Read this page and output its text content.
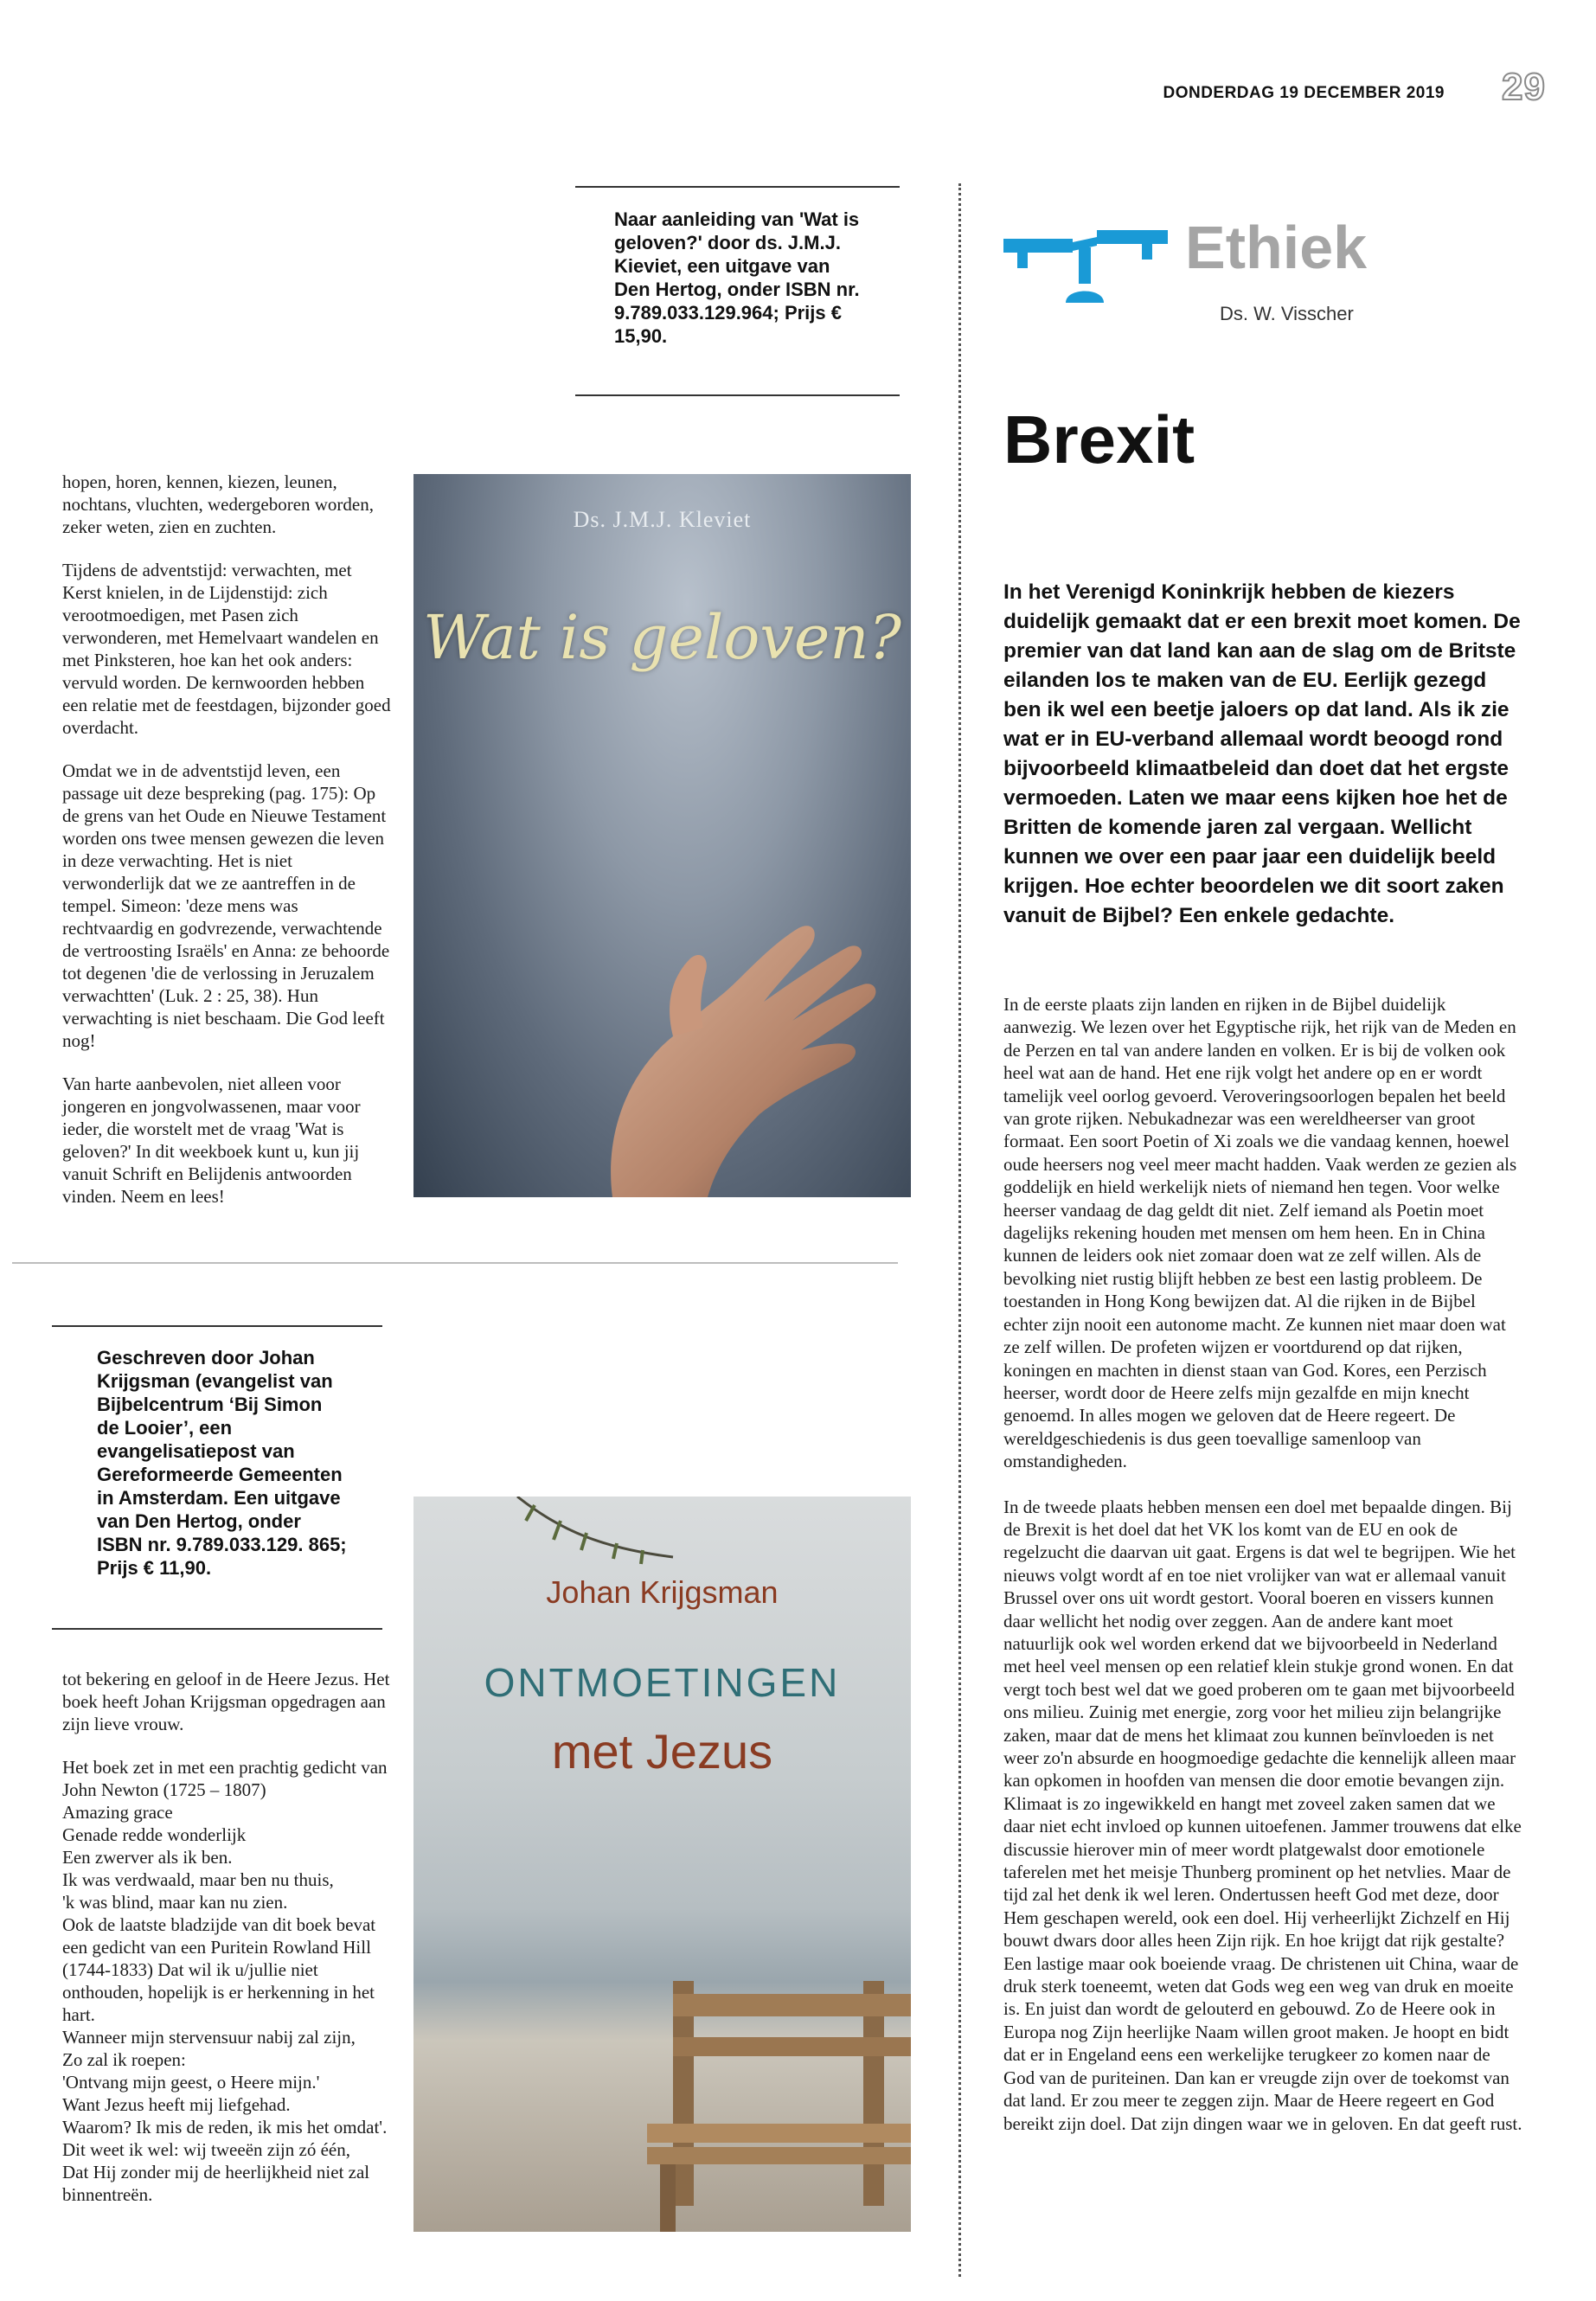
DONDERDAG 19 DECEMBER 2019 29
Naar aanleiding van 'Wat is geloven?' door ds. J.M.J. Kieviet, een uitgave van Den Hertog, onder ISBN nr. 9.789.033.129.964; Prijs € 15,90.

hopen, horen, kennen, kiezen, leunen, nochtans, vluchten, wedergeboren worden, zeker weten, zien en zuchten.

Tijdens de adventstijd: verwachten, met Kerst knielen, in de Lijdenstijd: zich verootmoedigen, met Pasen zich verwonderen, met Hemelvaart wandelen en met Pinksteren, hoe kan het ook anders: vervuld worden. De kernwoorden hebben een relatie met de feestdagen, bijzonder goed overdacht.

Omdat we in de adventstijd leven, een passage uit deze bespreking (pag. 175): Op de grens van het Oude en Nieuwe Testament worden ons twee mensen gewezen die leven in deze verwachting. Het is niet verwonderlijk dat we ze aantreffen in de tempel. Simeon: 'deze mens was rechtvaardig en godvrezende, verwachtende de vertroosting Israëls' en Anna: ze behoorde tot degenen 'die de verlossing in Jeruzalem verwachtten' (Luk. 2 : 25, 38). Hun verwachting is niet beschaam. Die God leeft nog!

Van harte aanbevolen, niet alleen voor jongeren en jongvolwassenen, maar voor ieder, die worstelt met de vraag 'Wat is geloven?' In dit weekboek kunt u, kun jij vanuit Schrift en Belijdenis antwoorden vinden. Neem en lees!

Ds. J.M.J. Kleviet
Wat is geloven?
Geschreven door Johan Krijgsman (evangelist van Bijbelcentrum ‘Bij Simon de Looier’, een evangelisatiepost van Gereformeerde Gemeenten in Amsterdam. Een uitgave van Den Hertog, onder ISBN nr. 9.789.033.129. 865; Prijs € 11,90.

tot bekering en geloof in de Heere Jezus. Het boek heeft Johan Krijgsman opgedragen aan zijn lieve vrouw.

Het boek zet in met een prachtig gedicht van John Newton (1725 – 1807)
Amazing grace
Genade redde wonderlijk
Een zwerver als ik ben.
Ik was verdwaald, maar ben nu thuis,
'k was blind, maar kan nu zien.
Ook de laatste bladzijde van dit boek bevat een gedicht van een Puritein Rowland Hill (1744-1833) Dat wil ik u/jullie niet onthouden, hopelijk is er herkenning in het hart.
Wanneer mijn stervensuur nabij zal zijn,
Zo zal ik roepen:
'Ontvang mijn geest, o Heere mijn.'
Want Jezus heeft mij liefgehad.
Waarom? Ik mis de reden, ik mis het omdat'.
Dit weet ik wel: wij tweeën zijn zó één,
Dat Hij zonder mij de heerlijkheid niet zal binnentreën.

Johan Krijgsman
ONTMOETINGEN
met Jezus
Ethiek
Ds. W. Visscher
Brexit
In het Verenigd Koninkrijk hebben de kiezers duidelijk gemaakt dat er een brexit moet komen. De premier van dat land kan aan de slag om de Britste eilanden los te maken van de EU. Eerlijk gezegd ben ik wel een beetje jaloers op dat land. Als ik zie wat er in EU-verband allemaal wordt beoogd rond bijvoorbeeld klimaatbeleid dan doet dat het ergste vermoeden. Laten we maar eens kijken hoe het de Britten de komende jaren zal vergaan. Wellicht kunnen we over een paar jaar een duidelijk beeld krijgen. Hoe echter beoordelen we dit soort zaken vanuit de Bijbel? Een enkele gedachte.

In de eerste plaats zijn landen en rijken in de Bijbel duidelijk aanwezig. We lezen over het Egyptische rijk, het rijk van de Meden en de Perzen en tal van andere landen en volken. Er is bij de volken ook heel wat aan de hand. Het ene rijk volgt het andere op en er wordt tamelijk veel oorlog gevoerd. Veroveringsoorlogen bepalen het beeld van grote rijken. Nebukadnezar was een wereldheerser van groot formaat. Een soort Poetin of Xi zoals we die vandaag kennen, hoewel oude heersers nog veel meer macht hadden. Vaak werden ze gezien als goddelijk en hield werkelijk niets of niemand hen tegen. Voor welke heerser vandaag de dag geldt dit niet. Zelf iemand als Poetin moet dagelijks rekening houden met mensen om hem heen. En in China kunnen de leiders ook niet zomaar doen wat ze zelf willen. Als de bevolking niet rustig blijft hebben ze best een lastig probleem. De toestanden in Hong Kong bewijzen dat. Al die rijken in de Bijbel echter zijn nooit een autonome macht. Ze kunnen niet maar doen wat ze zelf willen. De profeten wijzen er voortdurend op dat rijken, koningen en machten in dienst staan van God. Kores, een Perzisch heerser, wordt door de Heere zelfs mijn gezalfde en mijn knecht genoemd. In alles mogen we geloven dat de Heere regeert. De wereldgeschiedenis is dus geen toevallige samenloop van omstandigheden.

In de tweede plaats hebben mensen een doel met bepaalde dingen. Bij de Brexit is het doel dat het VK los komt van de EU en ook de regelzucht die daarvan uit gaat. Ergens is dat wel te begrijpen. Wie het nieuws volgt wordt af en toe niet vrolijker van wat er allemaal vanuit Brussel over ons uit wordt gestort. Vooral boeren en vissers kunnen daar wellicht het nodig over zeggen. Aan de andere kant moet natuurlijk ook wel worden erkend dat we bijvoorbeeld in Nederland met heel veel mensen op een relatief klein stukje grond wonen. En dat vergt toch best wel dat we goed proberen om te gaan met bijvoorbeeld ons milieu. Zuinig met energie, zorg voor het milieu zijn belangrijke zaken, maar dat de mens het klimaat zou kunnen beïnvloeden is net weer zo'n absurde en hoogmoedige gedachte die kennelijk alleen maar kan opkomen in hoofden van mensen die door emotie bevangen zijn. Klimaat is zo ingewikkeld en hangt met zoveel zaken samen dat we daar niet echt invloed op kunnen uitoefenen. Jammer trouwens dat elke discussie hierover min of meer wordt platgewalst door emotionele taferelen met het meisje Thunberg prominent op het netvlies. Maar de tijd zal het denk ik wel leren. Ondertussen heeft God met deze, door Hem geschapen wereld, ook een doel. Hij verheerlijkt Zichzelf en Hij bouwt dwars door alles heen Zijn rijk. En hoe krijgt dat rijk gestalte? Een lastige maar ook boeiende vraag. De christenen uit China, waar de druk sterk toeneemt, weten dat Gods weg een weg van druk en moeite is. En juist dan wordt de gelouterd en gebouwd. Zo de Heere ook in Europa nog Zijn heerlijke Naam willen groot maken. Je hoopt en bidt dat er in Engeland eens een werkelijke terugkeer zo komen naar de God van de puriteinen. Dan kan er vreugde zijn over de toekomst van dat land. Er zou meer te zeggen zijn. Maar de Heere regeert en God bereikt zijn doel. Dat zijn dingen waar we in geloven. En dat geeft rust.
